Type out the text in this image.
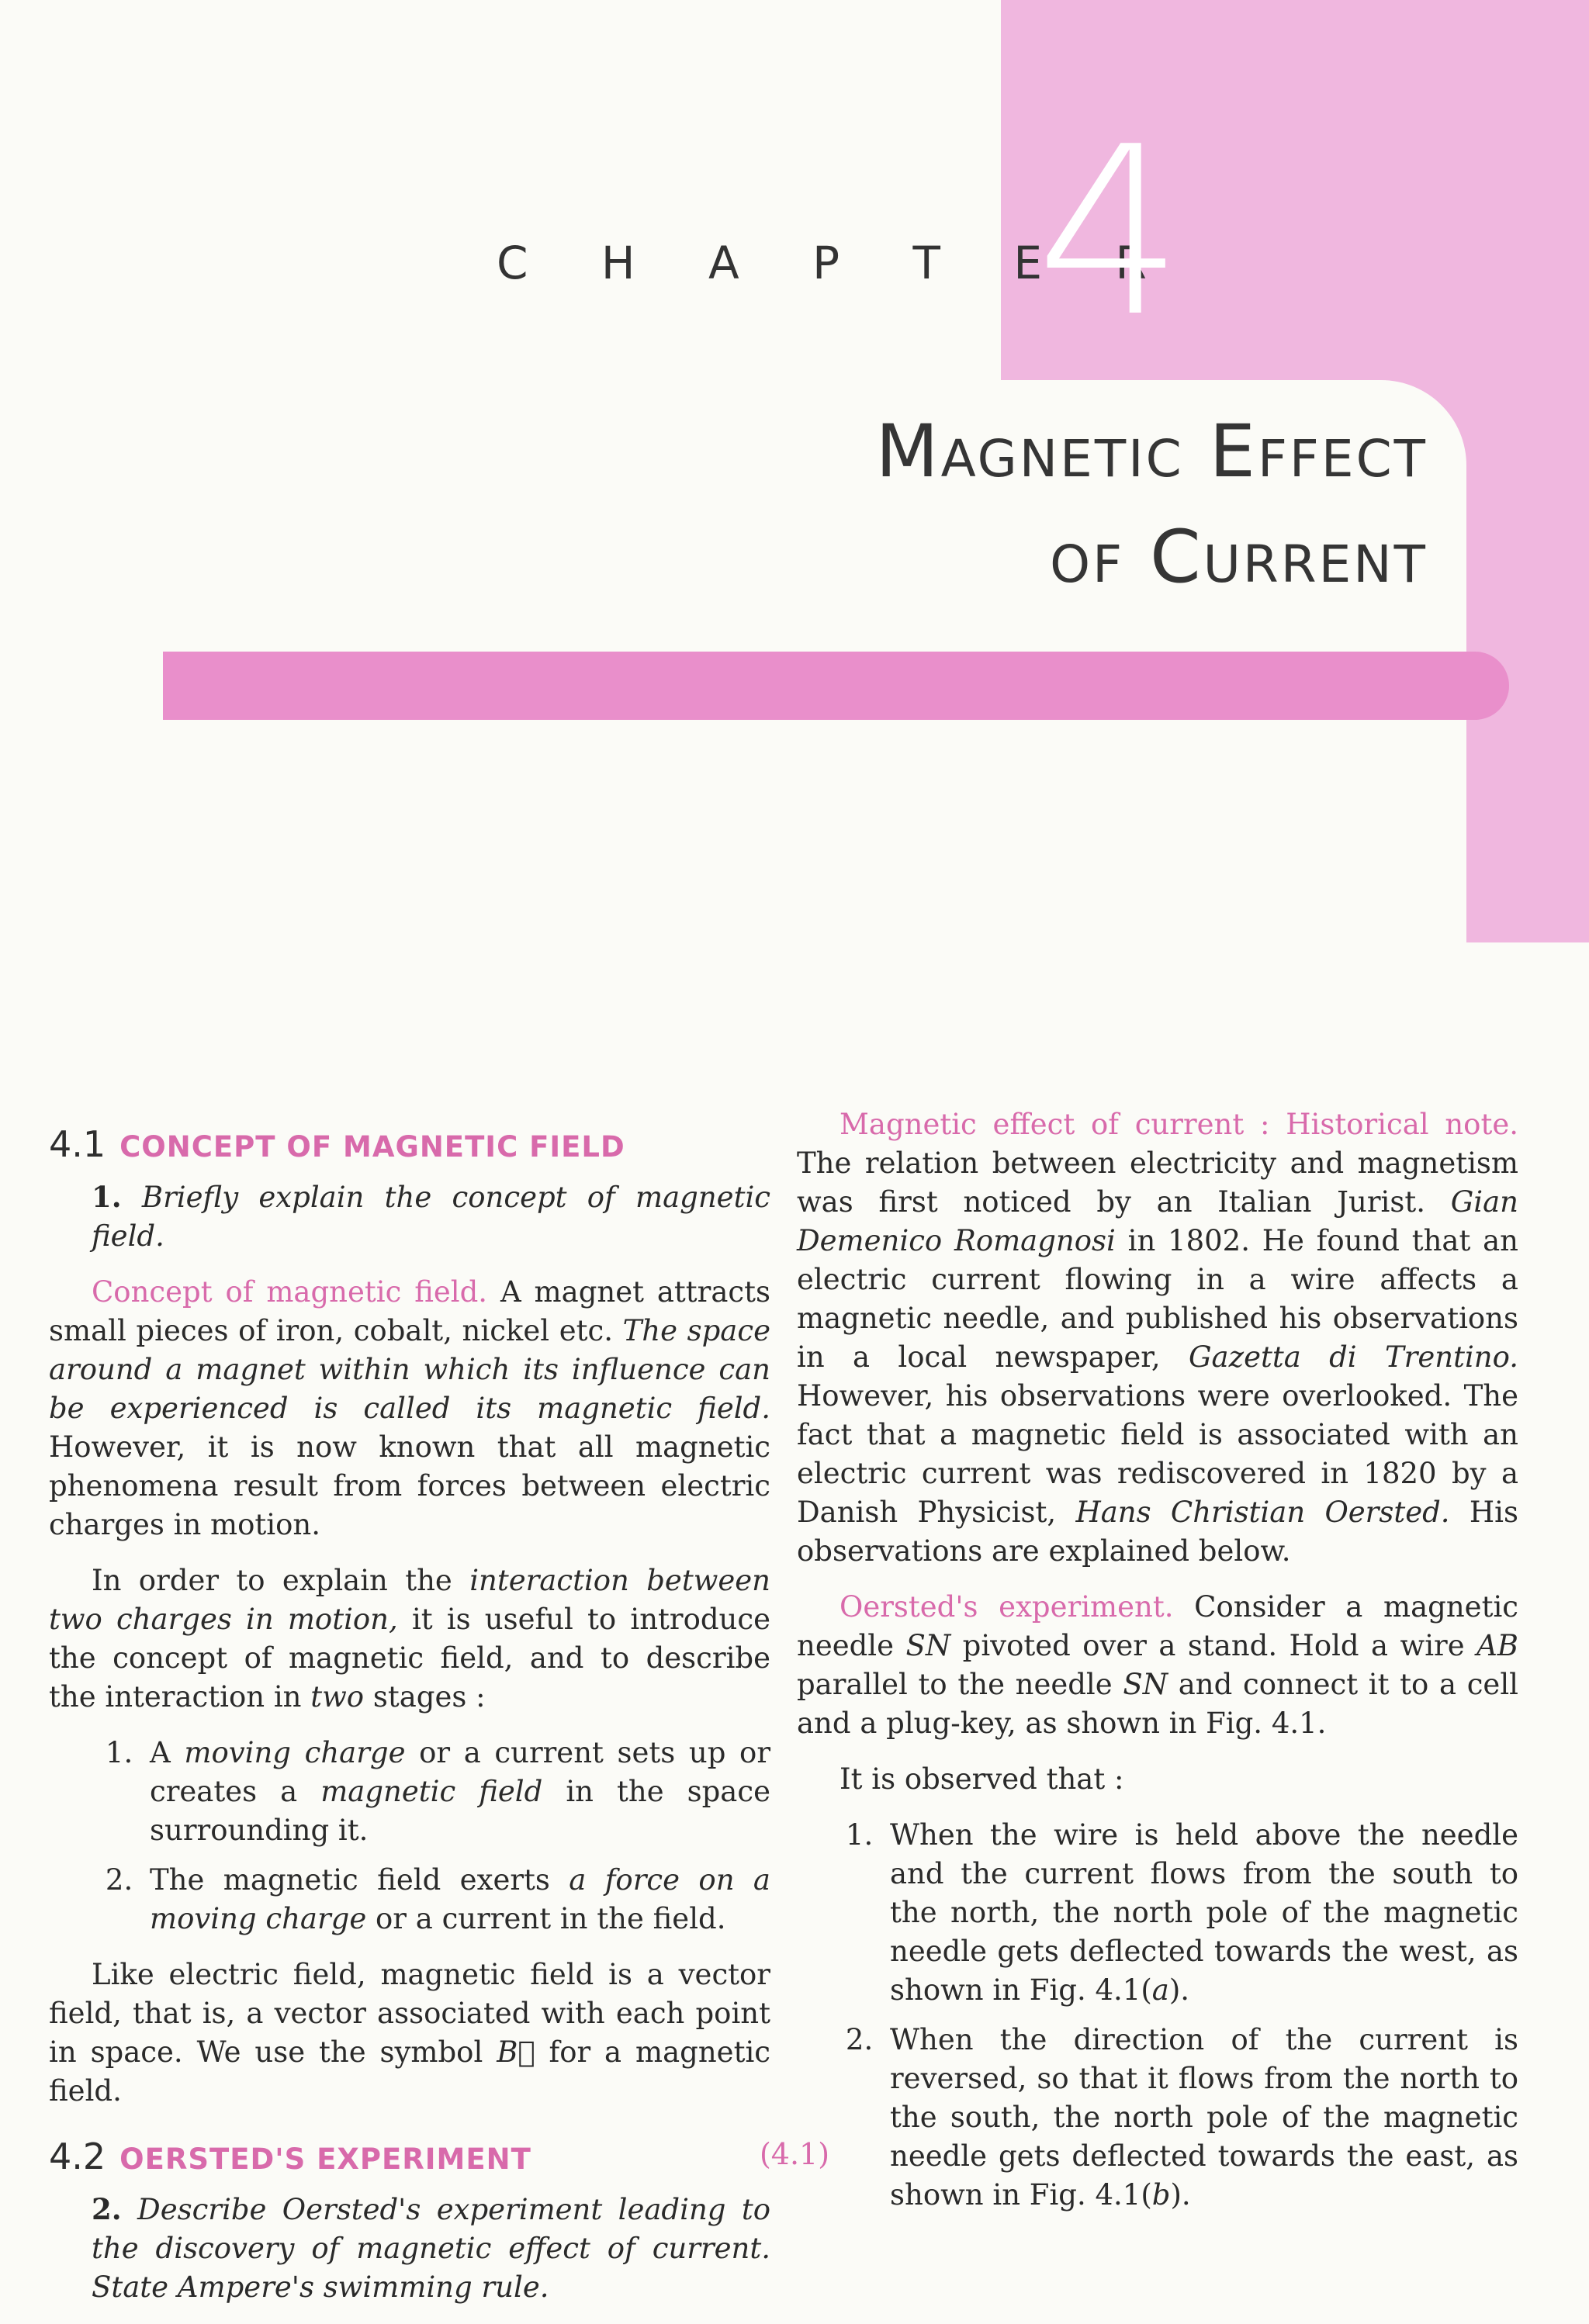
C H A P T E R
4
Magnetic Effect
of Current
4.1 CONCEPT OF MAGNETIC FIELD

1. Briefly explain the concept of magnetic field.

Concept of magnetic field. A magnet attracts small pieces of iron, cobalt, nickel etc. The space around a magnet within which its influence can be experienced is called its magnetic field. However, it is now known that all magnetic phenomena result from forces between electric charges in motion.

In order to explain the interaction between two charges in motion, it is useful to introduce the concept of magnetic field, and to describe the interaction in two stages :

1. A moving charge or a current sets up or creates a magnetic field in the space surrounding it.
2. The magnetic field exerts a force on a moving charge or a current in the field.

Like electric field, magnetic field is a vector field, that is, a vector associated with each point in space. We use the symbol B⃗ for a magnetic field.

4.2 OERSTED'S EXPERIMENT

2. Describe Oersted's experiment leading to the discovery of magnetic effect of current. State Ampere's swimming rule.

Magnetic effect of current : Historical note. The relation between electricity and magnetism was first noticed by an Italian Jurist. Gian Demenico Romagnosi in 1802. He found that an electric current flowing in a wire affects a magnetic needle, and published his observations in a local newspaper, Gazetta di Trentino. However, his observations were overlooked. The fact that a magnetic field is associated with an electric current was rediscovered in 1820 by a Danish Physicist, Hans Christian Oersted. His observations are explained below.

Oersted's experiment. Consider a magnetic needle SN pivoted over a stand. Hold a wire AB parallel to the needle SN and connect it to a cell and a plug-key, as shown in Fig. 4.1.

It is observed that :

1. When the wire is held above the needle and the current flows from the south to the north, the north pole of the magnetic needle gets deflected towards the west, as shown in Fig. 4.1(a).
2. When the direction of the current is reversed, so that it flows from the north to the south, the north pole of the magnetic needle gets deflected towards the east, as shown in Fig. 4.1(b).
(4.1)
